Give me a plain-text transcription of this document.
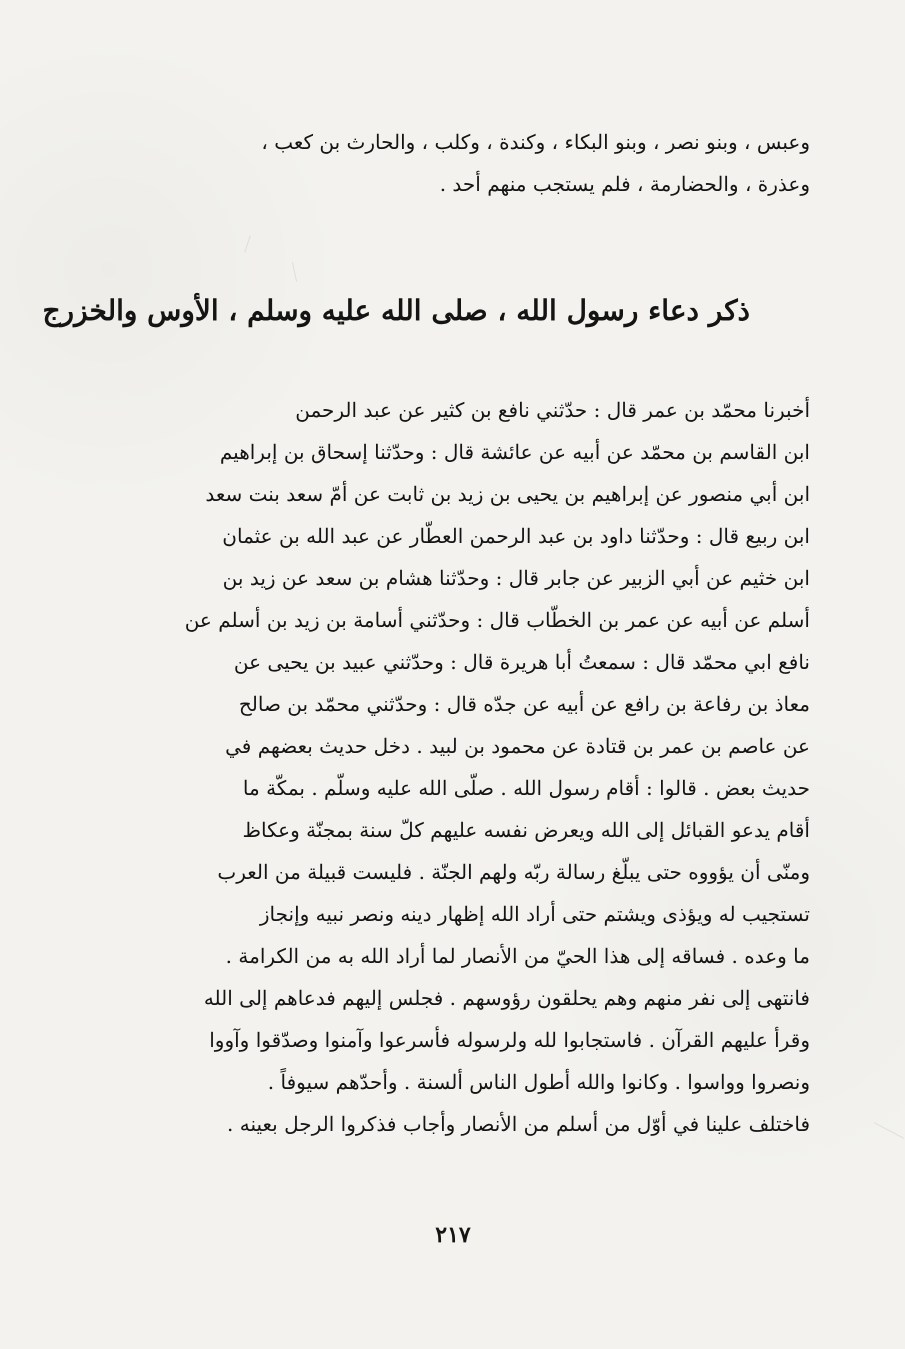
وعبس ، وبنو نصر ، وبنو البكاء ، وكندة ، وكلب ، والحارث بن كعب ،
وعذرة ، والحضارمة ، فلم يستجب منهم أحد .
ذكر دعاء رسول الله ، صلى الله عليه وسلم ، الأوس والخزرج
أخبرنا محمّد بن عمر قال : حدّثني نافع بن كثير عن عبد الرحمن
ابن القاسم بن محمّد عن أبيه عن عائشة قال : وحدّثنا إسحاق بن إبراهيم
ابن أبي منصور عن إبراهيم بن يحيى بن زيد بن ثابت عن أمّ سعد بنت سعد
ابن ربيع قال : وحدّثنا داود بن عبد الرحمن العطّار عن عبد الله بن عثمان
ابن خثيم عن أبي الزبير عن جابر قال : وحدّثنا هشام بن سعد عن زيد بن
أسلم عن أبيه عن عمر بن الخطّاب قال : وحدّثني أسامة بن زيد بن أسلم عن
نافع ابي محمّد قال : سمعتُ أبا هريرة قال : وحدّثني عبيد بن يحيى عن
معاذ بن رفاعة بن رافع عن أبيه عن جدّه قال : وحدّثني محمّد بن صالح
عن عاصم بن عمر بن قتادة عن محمود بن لبيد . دخل حديث بعضهم في
حديث بعض . قالوا : أقام رسول الله . صلّى الله عليه وسلّم . بمكّة ما
أقام يدعو القبائل إلى الله ويعرض نفسه عليهم كلّ سنة بمجنّة وعكاظ
ومنّى أن يؤووه حتى يبلّغ رسالة ربّه ولهم الجنّة . فليست قبيلة من العرب
تستجيب له ويؤذى ويشتم حتى أراد الله إظهار دينه ونصر نبيه وإنجاز
ما وعده . فساقه إلى هذا الحيّ من الأنصار لما أراد الله به من الكرامة .
فانتهى إلى نفر منهم وهم يحلقون رؤوسهم . فجلس إليهم فدعاهم إلى الله
وقرأ عليهم القرآن . فاستجابوا لله ولرسوله فأسرعوا وآمنوا وصدّقوا وآووا
ونصروا وواسوا . وكانوا والله أطول الناس ألسنة . وأحدّهم سيوفاً .
فاختلف علينا في أوّل من أسلم من الأنصار وأجاب فذكروا الرجل بعينه .
٢١٧
